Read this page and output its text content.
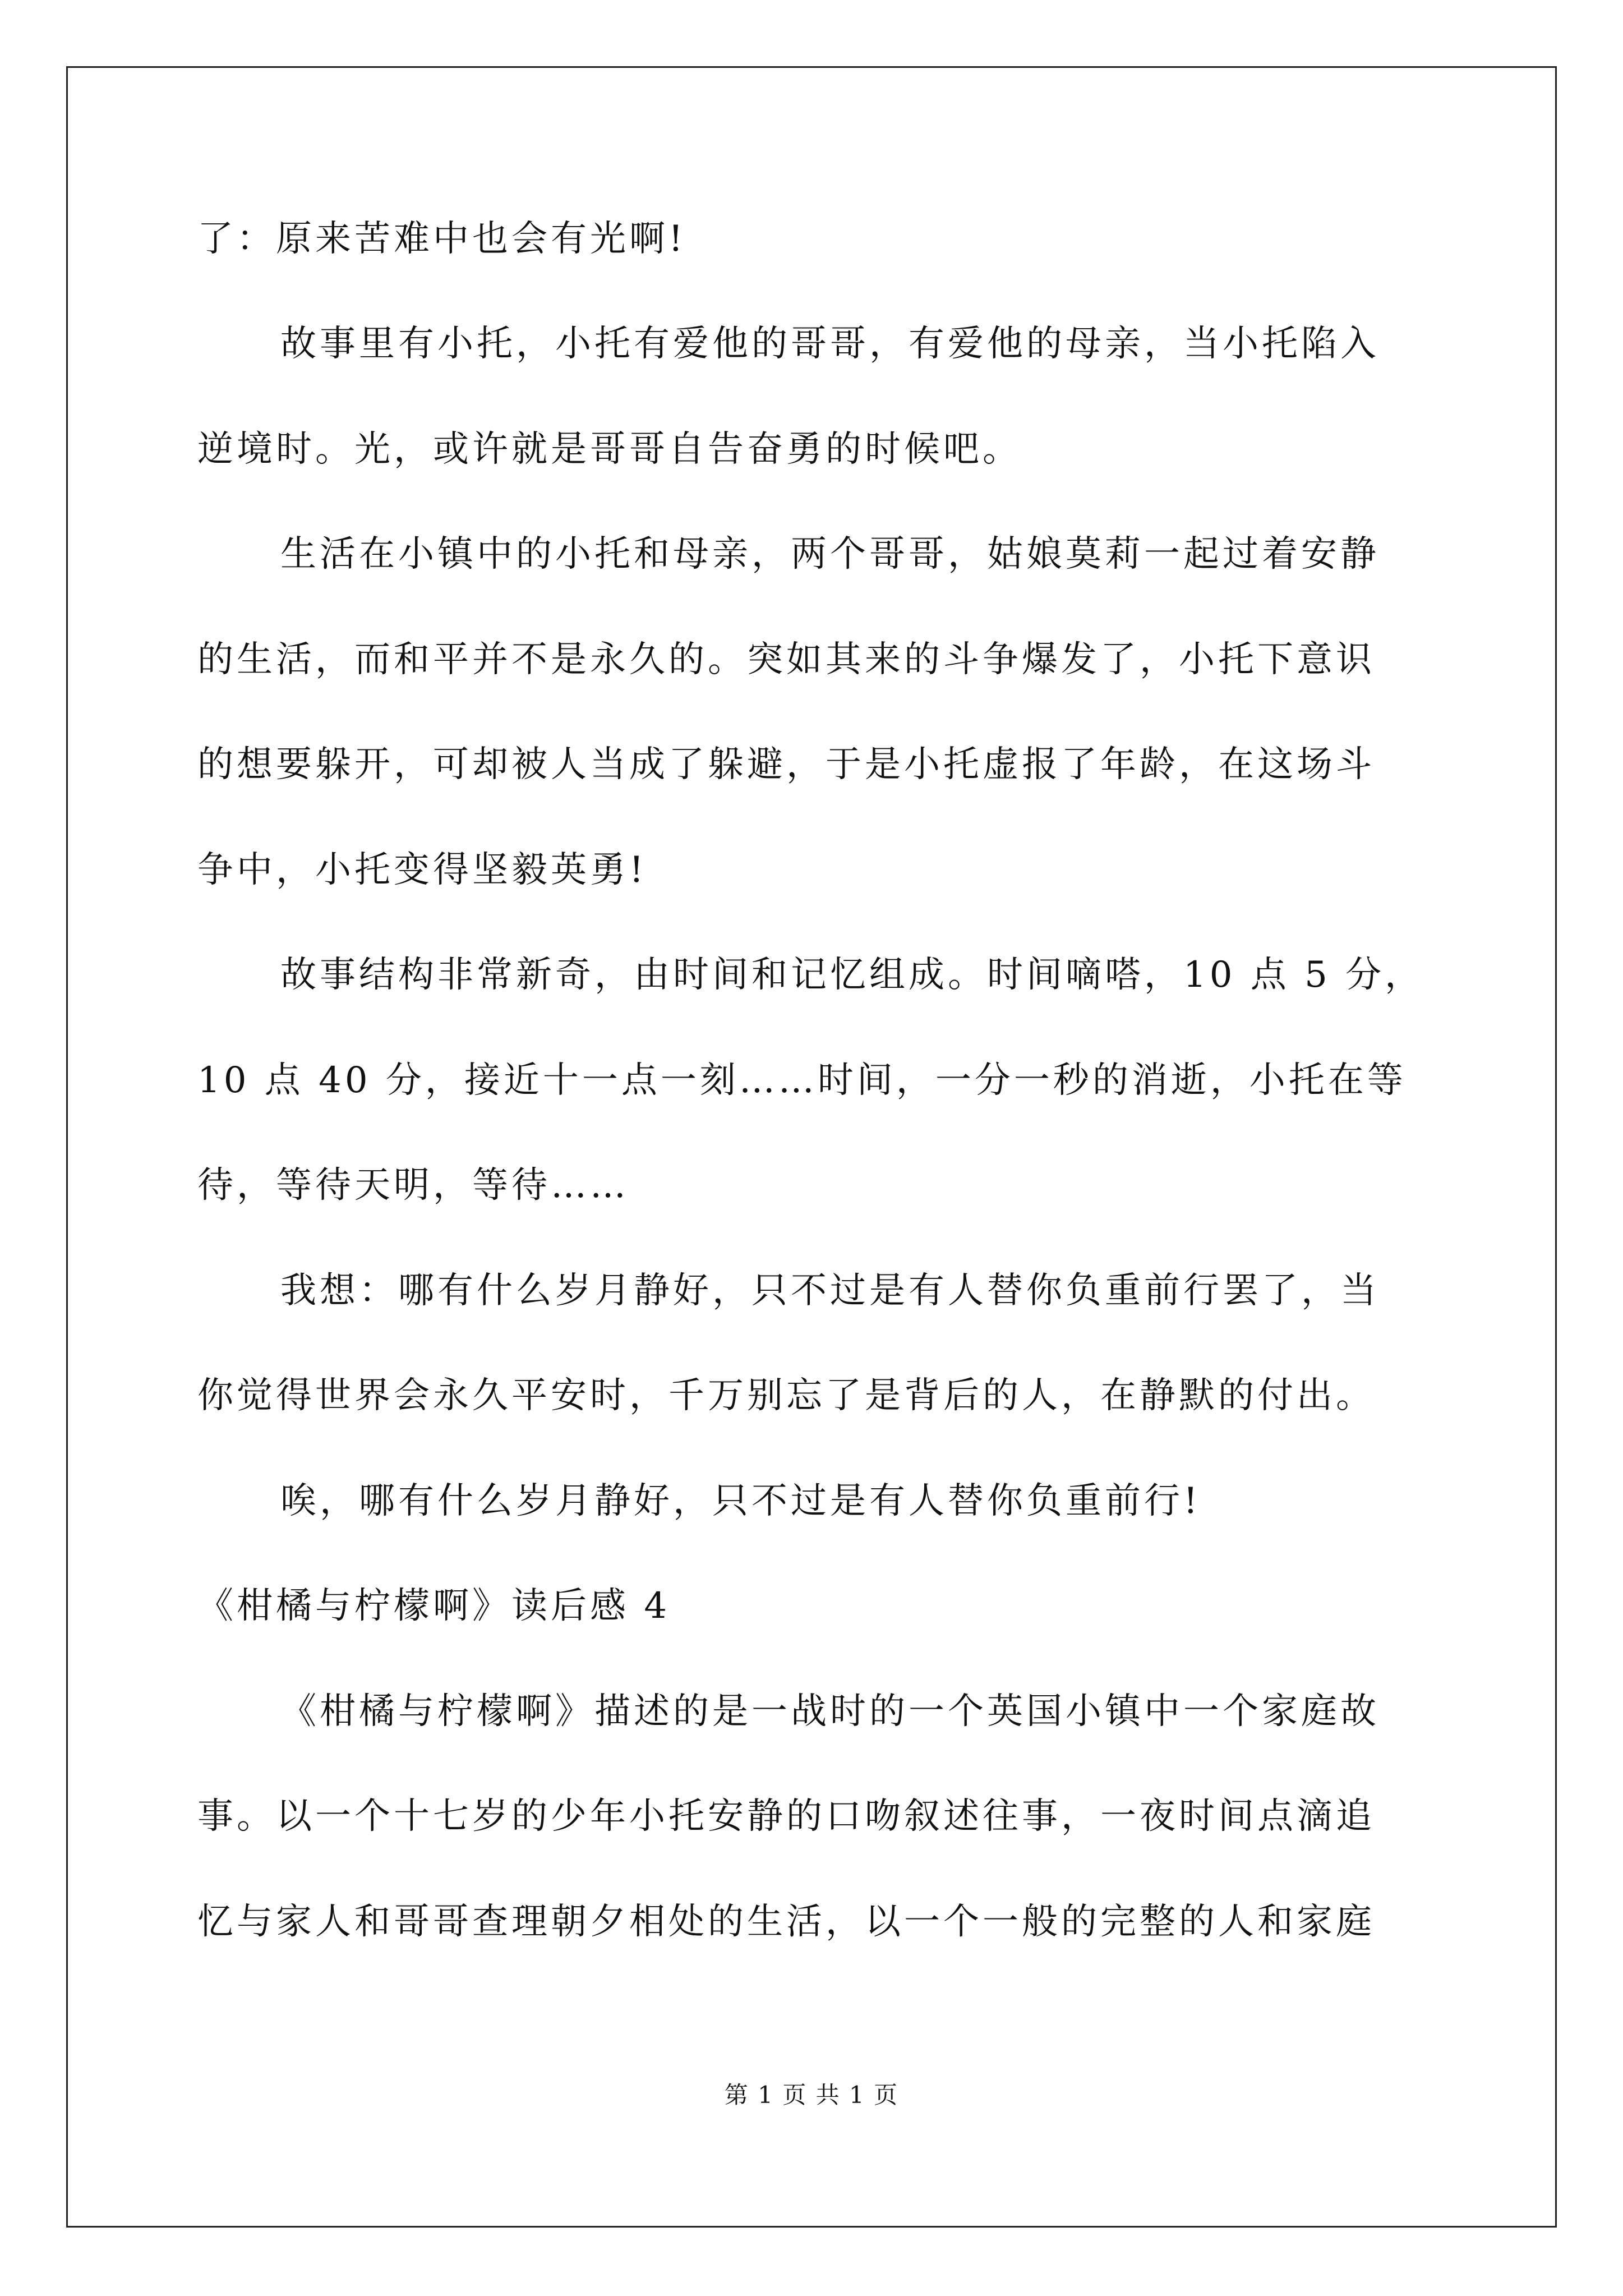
了：原来苦难中也会有光啊!
故事里有小托，小托有爱他的哥哥，有爱他的母亲，当小托陷入
逆境时。光，或许就是哥哥自告奋勇的时候吧。
生活在小镇中的小托和母亲，两个哥哥，姑娘莫莉一起过着安静
的生活，而和平并不是永久的。突如其来的斗争爆发了，小托下意识
的想要躲开，可却被人当成了躲避，于是小托虚报了年龄，在这场斗
争中，小托变得坚毅英勇!
故事结构非常新奇，由时间和记忆组成。时间嘀嗒，10 点 5 分，
10 点 40 分，接近十一点一刻……时间，一分一秒的消逝，小托在等
待，等待天明，等待……
我想：哪有什么岁月静好，只不过是有人替你负重前行罢了，当
你觉得世界会永久平安时，千万别忘了是背后的人，在静默的付出。
唉，哪有什么岁月静好，只不过是有人替你负重前行!
《柑橘与柠檬啊》读后感 4
《柑橘与柠檬啊》描述的是一战时的一个英国小镇中一个家庭故
事。以一个十七岁的少年小托安静的口吻叙述往事，一夜时间点滴追
忆与家人和哥哥查理朝夕相处的生活，以一个一般的完整的人和家庭
第 1 页 共 1 页
